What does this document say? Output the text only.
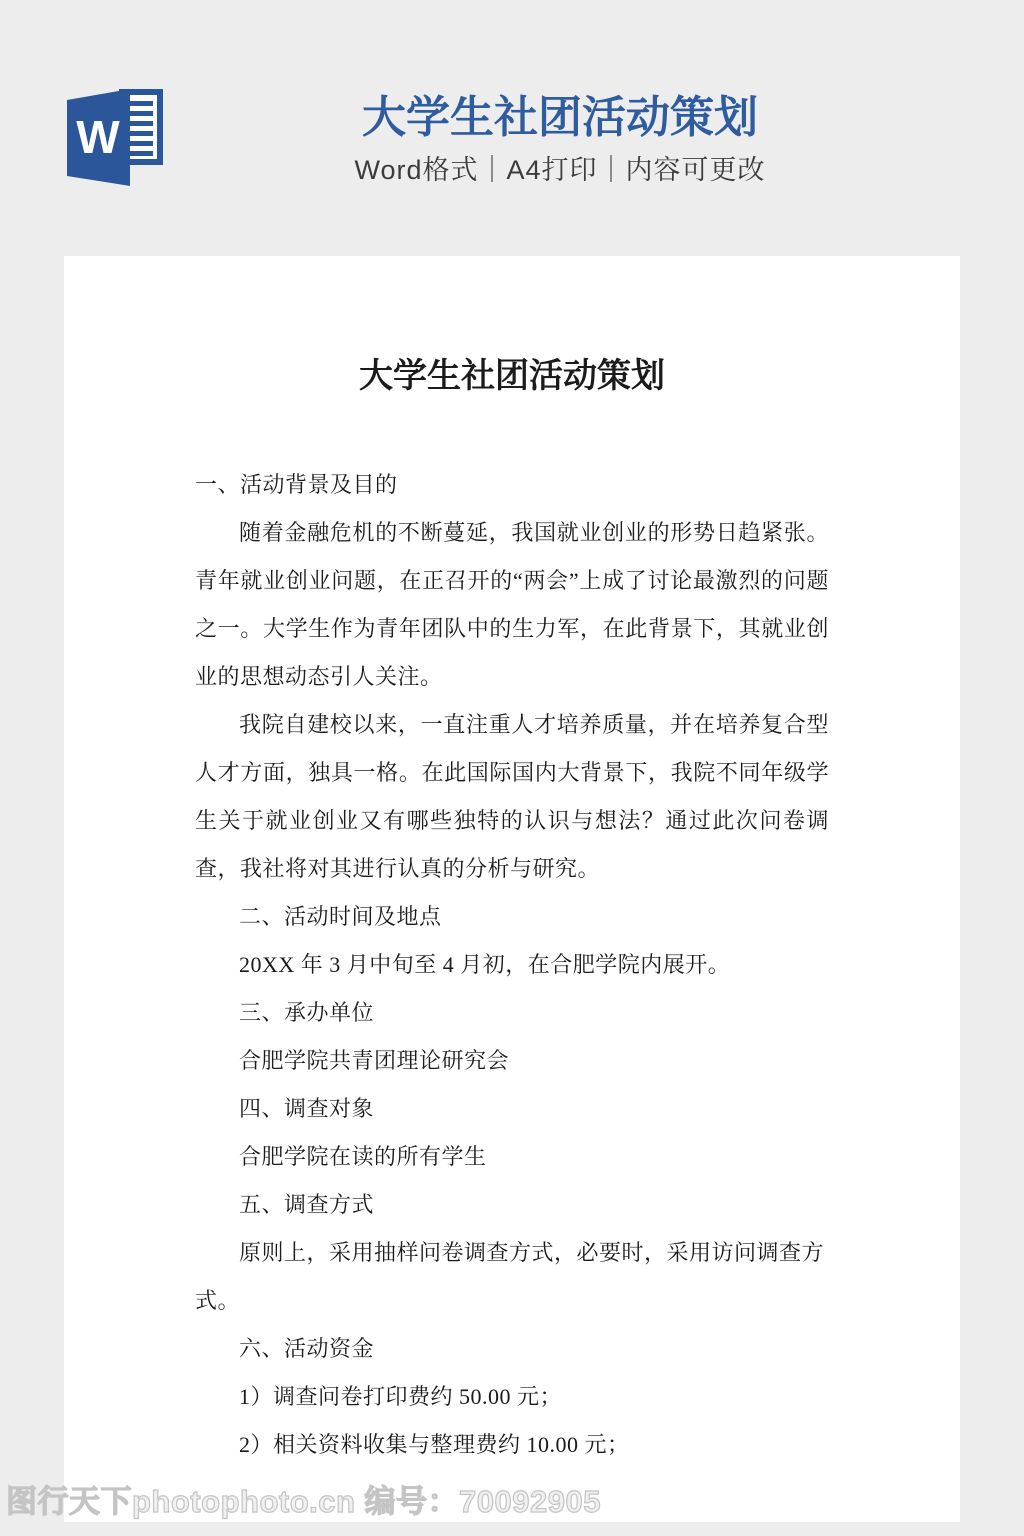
W	大学生社团活动策划
Word格式｜A4打印｜内容可更改
大学生社团活动策划

一、活动背景及目的

随着金融危机的不断蔓延，我国就业创业的形势日趋紧张。青年就业创业问题，在正召开的“两会”上成了讨论最激烈的问题之一。大学生作为青年团队中的生力军，在此背景下，其就业创业的思想动态引人关注。

我院自建校以来，一直注重人才培养质量，并在培养复合型人才方面，独具一格。在此国际国内大背景下，我院不同年级学生关于就业创业又有哪些独特的认识与想法？通过此次问卷调查，我社将对其进行认真的分析与研究。

二、活动时间及地点

20XX 年 3 月中旬至 4 月初，在合肥学院内展开。

三、承办单位

合肥学院共青团理论研究会

四、调查对象

合肥学院在读的所有学生

五、调查方式

原则上，采用抽样问卷调查方式，必要时，采用访问调查方式。

六、活动资金

1）调查问卷打印费约 50.00 元；

2）相关资料收集与整理费约 10.00 元；

图行天下photophoto.cn 编号：70092905
